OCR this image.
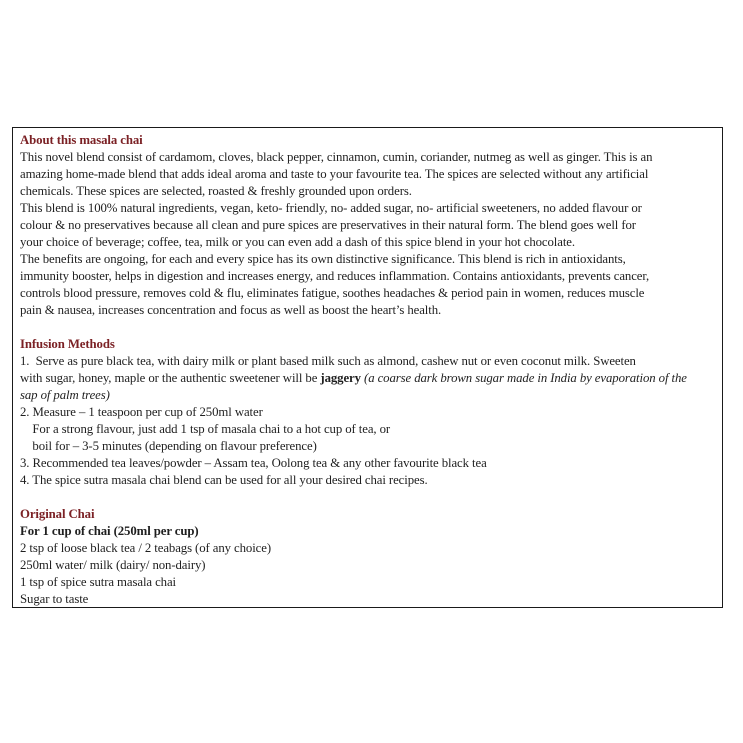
About this masala chai
This novel blend consist of cardamom, cloves, black pepper, cinnamon, cumin, coriander, nutmeg as well as ginger. This is an
amazing home-made blend that adds ideal aroma and taste to your favourite tea. The spices are selected without any artificial
chemicals. These spices are selected, roasted & freshly grounded upon orders.
This blend is 100% natural ingredients, vegan, keto- friendly, no- added sugar, no- artificial sweeteners, no added flavour or
colour & no preservatives because all clean and pure spices are preservatives in their natural form. The blend goes well for
your choice of beverage; coffee, tea, milk or you can even add a dash of this spice blend in your hot chocolate.
The benefits are ongoing, for each and every spice has its own distinctive significance. This blend is rich in antioxidants,
immunity booster, helps in digestion and increases energy, and reduces inflammation. Contains antioxidants, prevents cancer,
controls blood pressure, removes cold & flu, eliminates fatigue, soothes headaches & period pain in women, reduces muscle
pain & nausea, increases concentration and focus as well as boost the heart’s health.
Infusion Methods
1.  Serve as pure black tea, with dairy milk or plant based milk such as almond, cashew nut or even coconut milk. Sweeten
with sugar, honey, maple or the authentic sweetener will be jaggery (a coarse dark brown sugar made in India by evaporation of the
sap of palm trees)
2. Measure – 1 teaspoon per cup of 250ml water
For a strong flavour, just add 1 tsp of masala chai to a hot cup of tea, or
boil for – 3-5 minutes (depending on flavour preference)
3. Recommended tea leaves/powder – Assam tea, Oolong tea & any other favourite black tea
4. The spice sutra masala chai blend can be used for all your desired chai recipes.
Original Chai
For 1 cup of chai (250ml per cup)
2 tsp of loose black tea / 2 teabags (of any choice)
250ml water/ milk (dairy/ non-dairy)
1 tsp of spice sutra masala chai
Sugar to taste
